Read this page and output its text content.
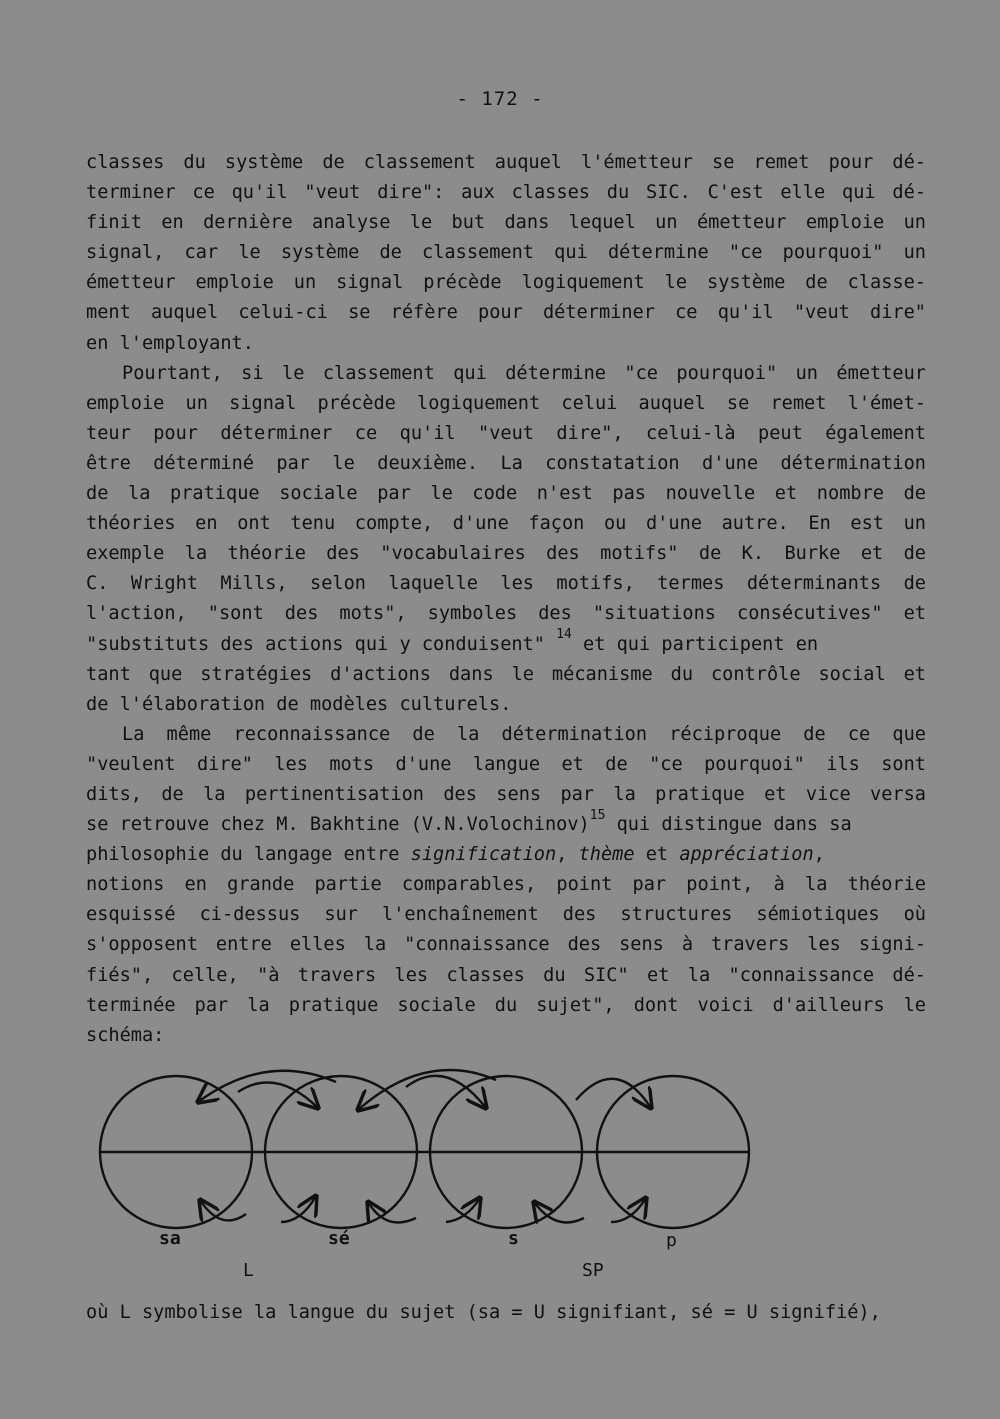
- 172 -
classes du système de classement auquel l'émetteur se remet pour dé-
terminer ce qu'il "veut dire": aux classes du SIC. C'est elle qui dé-
finit en dernière analyse le but dans lequel un émetteur emploie un
signal, car le système de classement qui détermine "ce pourquoi" un
émetteur emploie un signal précède logiquement le système de classe-
ment auquel celui-ci se réfère pour déterminer ce qu'il "veut dire"
en l'employant.
Pourtant, si le classement qui détermine "ce pourquoi" un émetteur
emploie un signal précède logiquement celui auquel se remet l'émet-
teur pour déterminer ce qu'il "veut dire", celui-là peut également
être déterminé par le deuxième. La constatation d'une détermination
de la pratique sociale par le code n'est pas nouvelle et nombre de
théories en ont tenu compte, d'une façon ou d'une autre. En est un
exemple la théorie des "vocabulaires des motifs" de K. Burke et de
C. Wright Mills, selon laquelle les motifs, termes déterminants de
l'action, "sont des mots", symboles des "situations consécutives" et
"substituts des actions qui y conduisent" $^{14}$ et qui participent en
tant que stratégies d'actions dans le mécanisme du contrôle social et
de l'élaboration de modèles culturels.
La même reconnaissance de la détermination réciproque de ce que
"veulent dire" les mots d'une langue et de "ce pourquoi" ils sont
dits, de la pertinentisation des sens par la pratique et vice versa
se retrouve chez M. Bakhtine (V.N.Volochinov)$^{15}$ qui distingue dans sa
philosophie du langage entre signification, thème et appréciation,
notions en grande partie comparables, point par point, à la théorie
esquissé ci-dessus sur l'enchaînement des structures sémiotiques où
s'opposent entre elles la "connaissance des sens à travers les signi-
fiés", celle, "à travers les classes du SIC" et la "connaissance dé-
terminée par la pratique sociale du sujet", dont voici d'ailleurs le
schéma:
sa	sé	s	p
L	SP
où L symbolise la langue du sujet (sa = U signifiant, sé = U signifié),
